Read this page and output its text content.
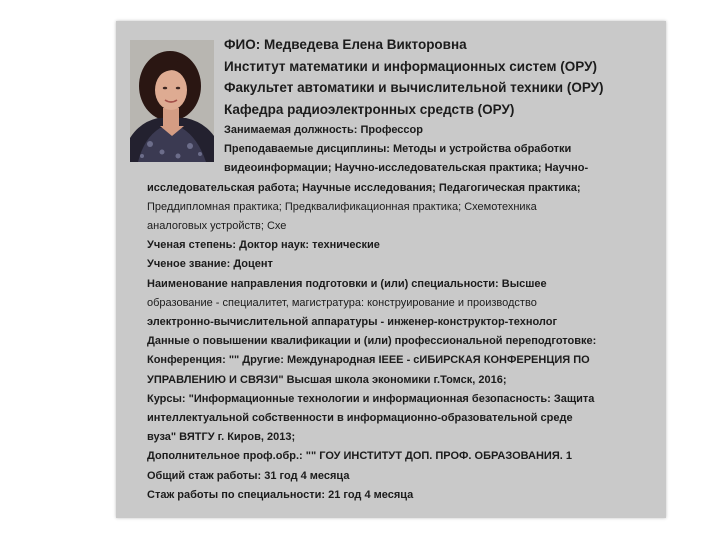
ФИО: Медведева Елена Викторовна
Институт математики и информационных систем (ОРУ)
Факультет автоматики и вычислительной техники (ОРУ)
Кафедра радиоэлектронных средств (ОРУ)
Занимаемая должность: Профессор
Преподаваемые дисциплины: Методы и устройства обработки
видеоинформации; Научно-исследовательская практика; Научно-
исследовательская работа; Научные исследования; Педагогическая практика;
Преддипломная практика; Предквалификационная практика; Схемотехника
аналоговых устройств; Схе
Ученая степень: Доктор наук: технические
Ученое звание: Доцент
Наименование направления подготовки и (или) специальности: Высшее
образование - специалитет, магистратура: конструирование и производство
электронно-вычислительной аппаратуры - инженер-конструктор-технолог
Данные о повышении квалификации и (или) профессиональной переподготовке:
Конференция: "" Другие: Международная IEEE - сИБИРСКАЯ КОНФЕРЕНЦИЯ ПО
УПРАВЛЕНИЮ И СВЯЗИ" Высшая школа экономики г.Томск, 2016;
Курсы: "Информационные технологии и информационная безопасность: Защита
интеллектуальной собственности в информационно-образовательной среде
вуза" ВЯТГУ г. Киров, 2013;
Дополнительное проф.обр.: "" ГОУ ИНСТИТУТ ДОП. ПРОФ. ОБРАЗОВАНИЯ. 1
Общий стаж работы: 31 год 4 месяца
Стаж работы по специальности: 21 год 4 месяца
